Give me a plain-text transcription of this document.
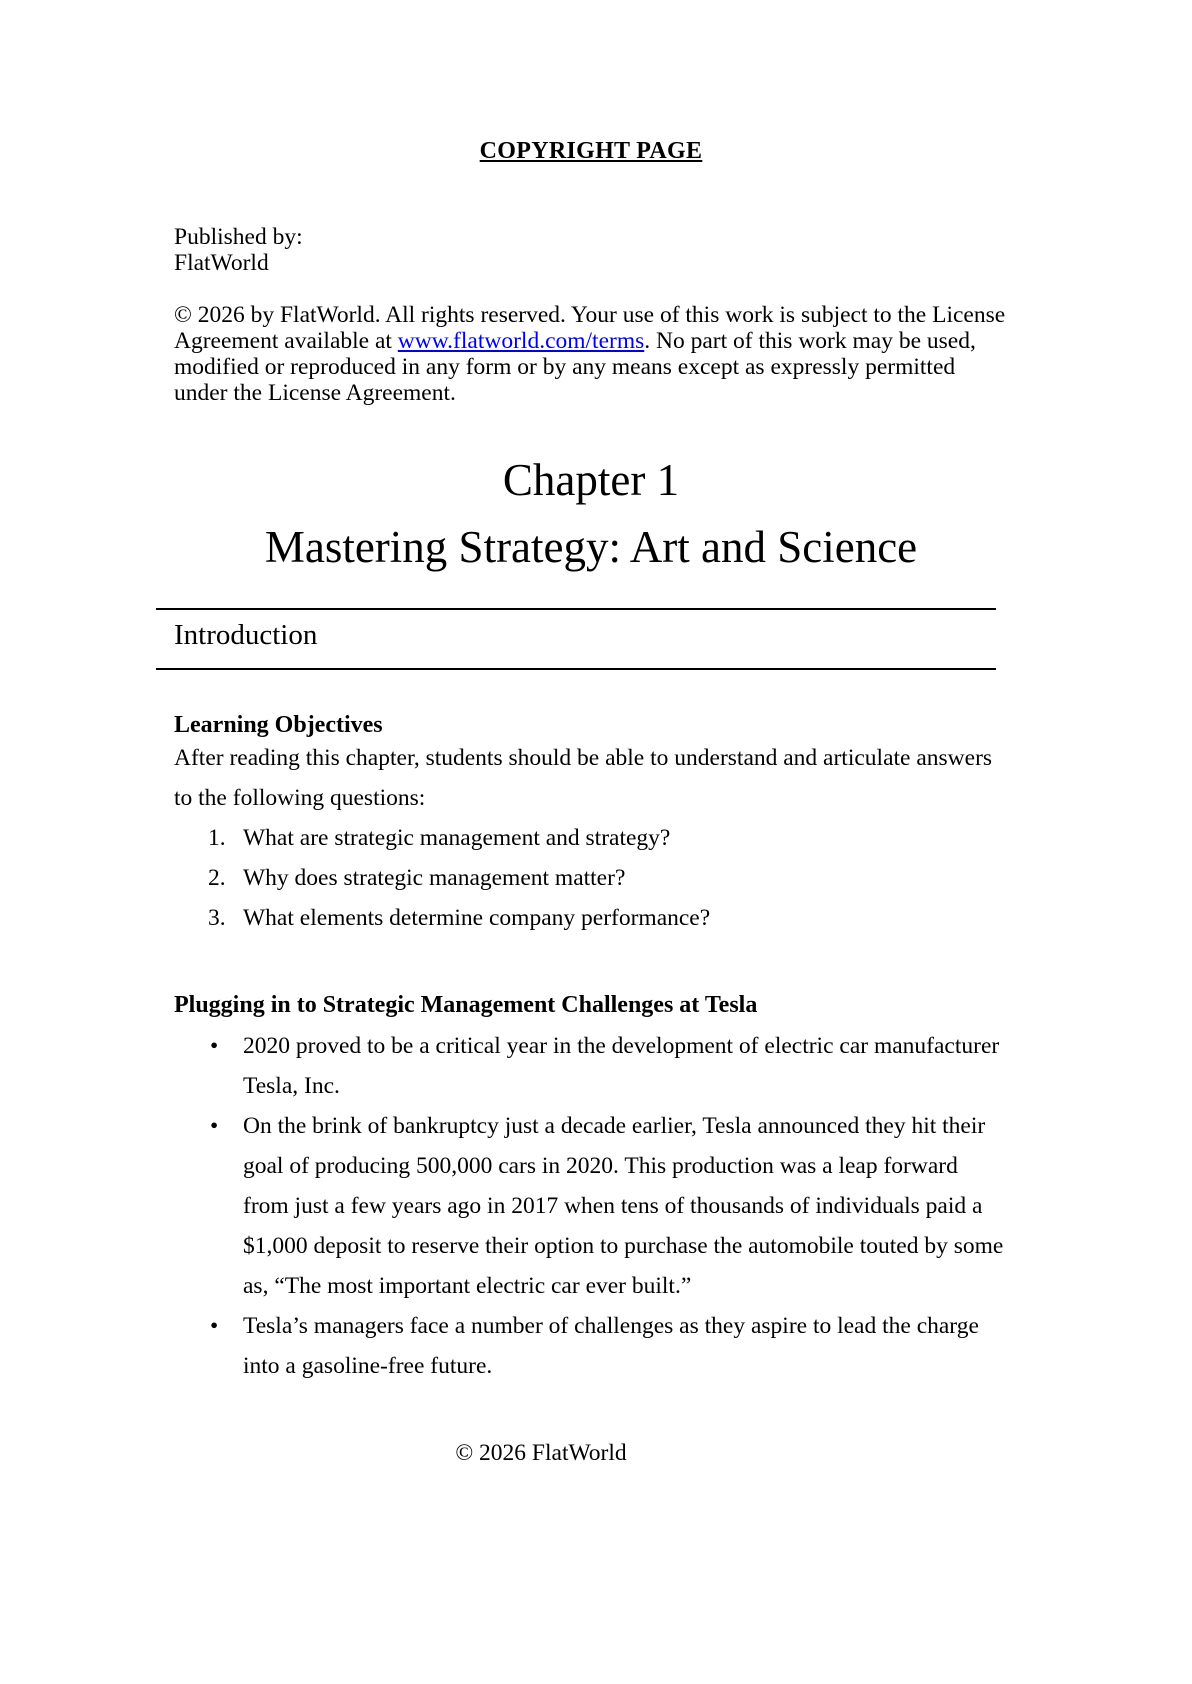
COPYRIGHT PAGE
Published by:
FlatWorld
© 2026 by FlatWorld. All rights reserved. Your use of this work is subject to the License Agreement available at www.flatworld.com/terms. No part of this work may be used, modified or reproduced in any form or by any means except as expressly permitted under the License Agreement.
Chapter 1
Mastering Strategy: Art and Science
Introduction
Learning Objectives
After reading this chapter, students should be able to understand and articulate answers to the following questions:
1. What are strategic management and strategy?
2. Why does strategic management matter?
3. What elements determine company performance?
Plugging in to Strategic Management Challenges at Tesla
• 2020 proved to be a critical year in the development of electric car manufacturer Tesla, Inc.
• On the brink of bankruptcy just a decade earlier, Tesla announced they hit their goal of producing 500,000 cars in 2020. This production was a leap forward from just a few years ago in 2017 when tens of thousands of individuals paid a $1,000 deposit to reserve their option to purchase the automobile touted by some as, “The most important electric car ever built.”
• Tesla’s managers face a number of challenges as they aspire to lead the charge into a gasoline-free future.
© 2026 FlatWorld
